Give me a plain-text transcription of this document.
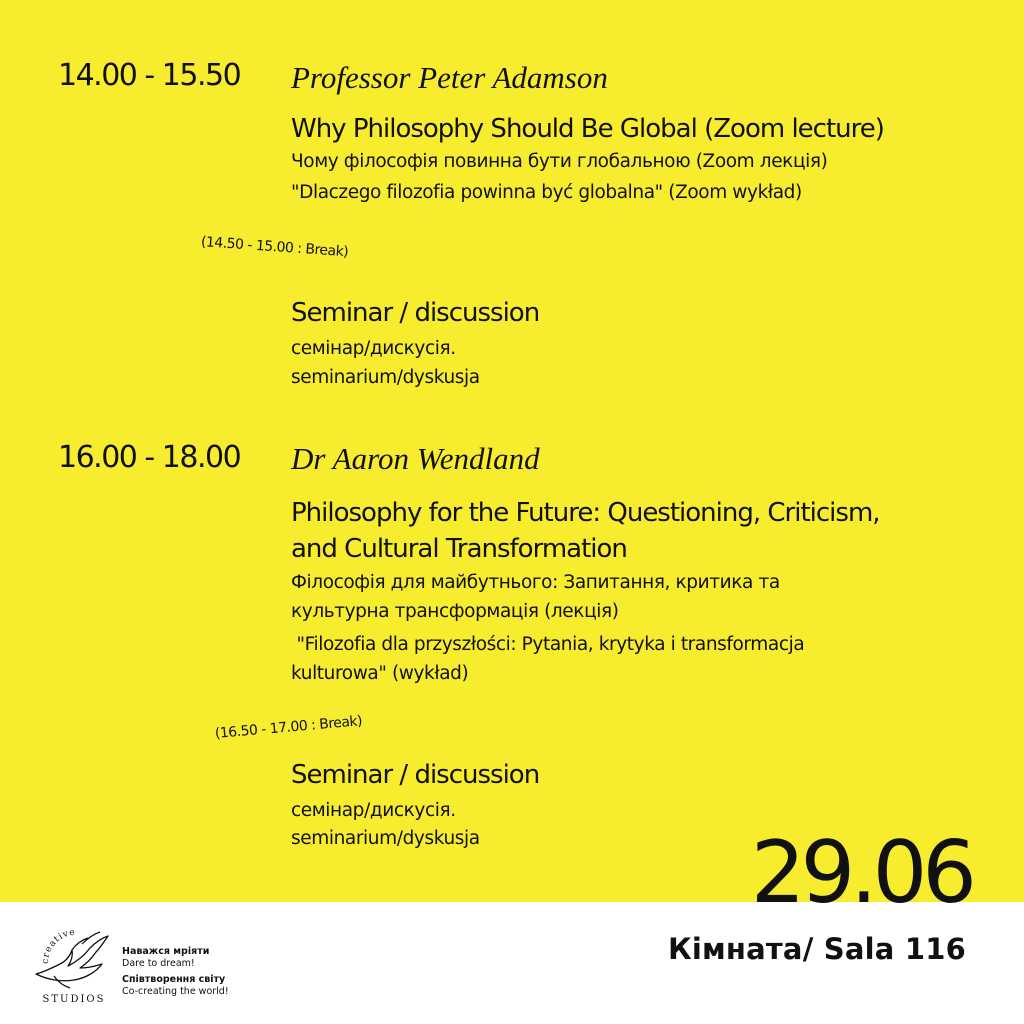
14.00 - 15.50 Professor Peter Adamson
Why Philosophy Should Be Global (Zoom lecture)
Чому філософія повинна бути глобальною (Zoom лекція)
"Dlaczego filozofia powinna być globalna" (Zoom wykład)
(14.50 - 15.00 : Break)
Seminar / discussion
семінар/дискусія.
seminarium/dyskusja
16.00 - 18.00 Dr Aaron Wendland
Philosophy for the Future: Questioning, Criticism,
and Cultural Transformation
Філософія для майбутнього: Запитання, критика та
культурна трансформація (лекція)
"Filozofia dla przyszłości: Pytania, krytyka i transformacja
kulturowa" (wykład)
(16.50 - 17.00 : Break)
Seminar / discussion
семінар/дискусія.
seminarium/dyskusja	29.06
Кімната/ Sala 116
creative
STUDIOS
Наважся мріяти
Dare to dream!
Співтворення світу
Co-creating the world!
